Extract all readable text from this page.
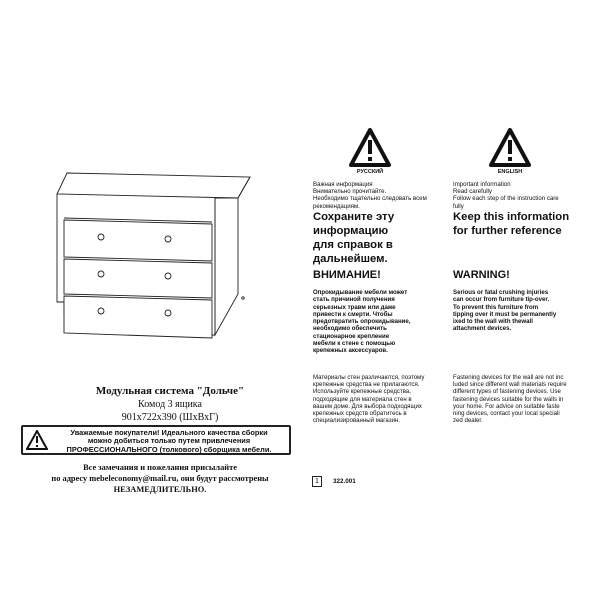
Модульная система "Дольче"
Комод 3 ящика
901х722х390 (ШхВхГ)
Уважаемые покупатели! Идеального качества сборки
можно добиться только путем привлечения
ПРОФЕССИОНАЛЬНОГО (толкового) сборщика мебели.
Все замечания и пожелания присылайте
по адресу mebeleconomy@mail.ru, они будут рассмотрены
НЕЗАМЕДЛИТЕЛЬНО.
РУССКИЙ
Важная информация
Внимательно прочитайте.
Необходимо тщательно следовать всем
рекомендациям.
Сохраните эту
информацию
для справок в
дальнейшем.
ВНИМАНИЕ!
Опрокидывание мебели может
стать причиной получения
серьезных травм или даже
привести к смерти. Чтобы
предотвратить опрокидывание,
необходимо обеспечить
стационарное крепление
мебели к стене с помощью
крепежных аксессуаров.
Материалы стен различаются, поэтому
крепежные средства не прилагаются.
Используйте крепежные средства,
подходящие для материала стен в
вашем доме. Для выбора подходящих
крепежных средств обратитесь в
специализированный магазин.
ENGLISH
Important information
Read carefully
Follow each step of the instruction care
fully
Keep this information
for further reference
WARNING!
Serious or fatal crushing injuries
can occur from furniture tip-over.
To prevent this furniture from
tipping over it must be permanently
ixed to the wall with thewall
attachment devices.
Fastening devices for the wall are not inc
luded since different wall materials require
different types of fastening devices. Use
fastening devices suitable for the walls in
your home. For advice on suitable faste
ning devices, contact your local speciali
zed dealer.
1	322.001
